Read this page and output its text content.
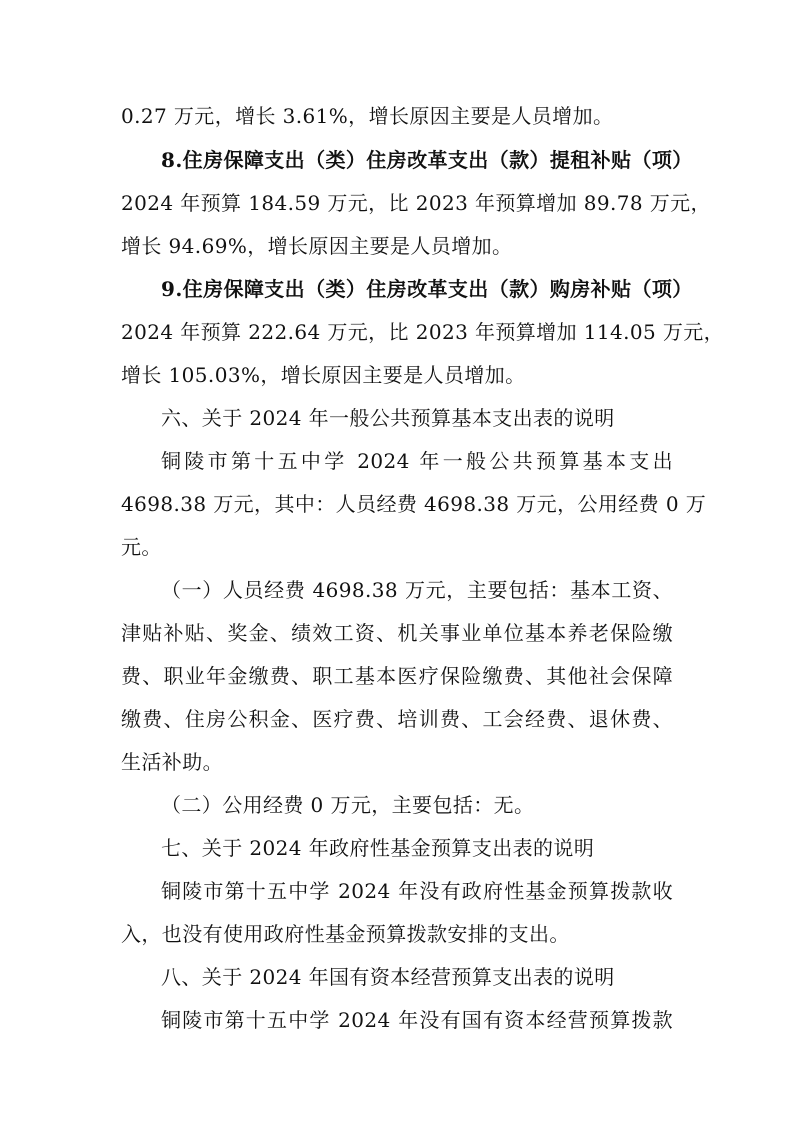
0.27 万元，增长 3.61%，增长原因主要是人员增加。
8.住房保障支出（类）住房改革支出（款）提租补贴（项）
2024 年预算 184.59 万元，比 2023 年预算增加 89.78 万元，
增长 94.69%，增长原因主要是人员增加。
9.住房保障支出（类）住房改革支出（款）购房补贴（项）
2024 年预算 222.64 万元，比 2023 年预算增加 114.05 万元，
增长 105.03%，增长原因主要是人员增加。
六、关于 2024 年一般公共预算基本支出表的说明
铜陵市第十五中学 2024 年一般公共预算基本支出
4698.38 万元，其中：人员经费 4698.38 万元，公用经费 0 万
元。
（一）人员经费 4698.38 万元，主要包括：基本工资、
津贴补贴、奖金、绩效工资、机关事业单位基本养老保险缴
费、职业年金缴费、职工基本医疗保险缴费、其他社会保障
缴费、住房公积金、医疗费、培训费、工会经费、退休费、
生活补助。
（二）公用经费 0 万元，主要包括：无。
七、关于 2024 年政府性基金预算支出表的说明
铜陵市第十五中学 2024 年没有政府性基金预算拨款收
入，也没有使用政府性基金预算拨款安排的支出。
八、关于 2024 年国有资本经营预算支出表的说明
铜陵市第十五中学 2024 年没有国有资本经营预算拨款
